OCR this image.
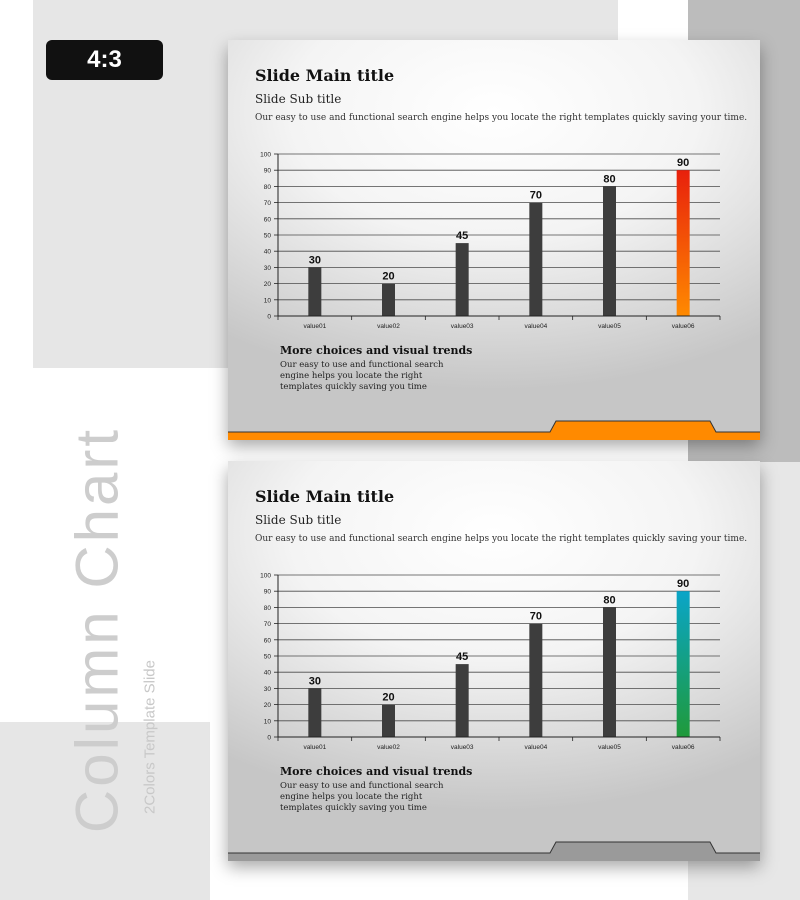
4:3
Column Chart 2Colors Template Slide
Slide Main title
Slide Sub title
Our easy to use and functional search engine helps you locate the right templates quickly saving your time.
0
10
20
30
40
50
60
70
80
90
100
30
value01
20
value02
45
value03
70
value04
80
value05
90
value06
More choices and visual trends
Our easy to use and functional search engine helps you locate the right templates quickly saving you time
Slide Main title
Slide Sub title
Our easy to use and functional search engine helps you locate the right templates quickly saving your time.
0
10
20
30
40
50
60
70
80
90
100
30
value01
20
value02
45
value03
70
value04
80
value05
90
value06
More choices and visual trends
Our easy to use and functional search engine helps you locate the right templates quickly saving you time
